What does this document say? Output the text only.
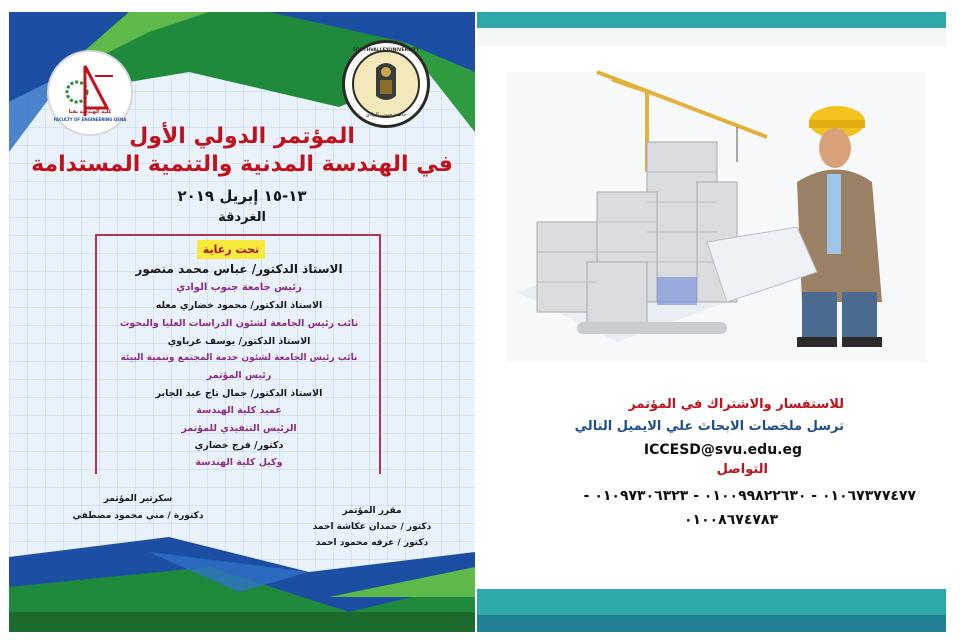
كلية الهندسة بقنا
FACULTY OF ENGINEERING QENA
SOUTHVALLEYUNIVERSITY
جامعة جنوب الوادي
المؤتمر الدولي الأول
في الهندسة المدنية والتنمية المستدامة
١٣-١٥ إبريل ٢٠١٩
الغردقة
تحت رعاية
الاستاذ الدكتور/ عباس محمد منصور
رئيس جامعة جنوب الوادي
الاستاذ الدكتور/ محمود خضاري معله
نائب رئيس الجامعة لشئون الدراسات العليا والبحوث
الاستاذ الدكتور/ يوسف غرباوي
نائب رئيس الجامعة لشئون خدمة المجتمع وتنمية البيئة
رئيس المؤتمر
الاستاذ الدكتور/ جمال تاج عبد الجابر
عميد كلية الهندسة
الرئيس التنفيذي للمؤتمر
دكتور/ فرج خضاري
وكيل كلية الهندسة
سكرتير المؤتمر
دكتورة / مني محمود مصطفي	مقرر المؤتمر
دكتور / حمدان عكاشة احمد
دكتور / عرفه محمود احمد
للاستفسار والاشتراك في المؤتمر
ترسل ملخصات الابحاث علي الايميل التالي
ICCESD@svu.edu.eg
التواصل
٠١٠٦٧٣٧٧٤٧٧ - ٠١٠٠٩٩٨٢٢٦٣٠ - ٠١٠٩٧٣٠٦٣٢٣ -
٠١٠٠٨٦٧٤٧٨٣
